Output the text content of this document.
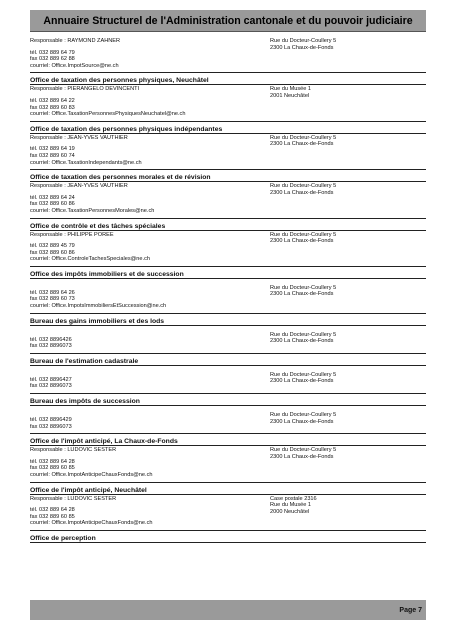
Annuaire Structurel de l'Administration cantonale et du pouvoir judiciaire
Responsable : RAYMOND ZAHNER
tél. 032 889 64 79
fax 032 889 62 88
courriel: Office.ImpotSource@ne.ch
Rue du Docteur-Coullery 5
2300 La Chaux-de-Fonds
Office de taxation des personnes physiques, Neuchâtel
Responsable : PIERANGELO DEVINCENTI
tél. 032 889 64 22
fax 032 889 60 83
courriel: Office.TaxationPersonnesPhysiquesNeuchatel@ne.ch
Rue du Musée 1
2001 Neuchâtel
Office de taxation des personnes physiques indépendantes
Responsable : JEAN-YVES VAUTHIER
tél. 032 889 64 19
fax 032 889 60 74
courriel: Office.TaxationIndependants@ne.ch
Rue du Docteur-Coullery 5
2300 La Chaux-de-Fonds
Office de taxation des personnes morales et de révision
Responsable : JEAN-YVES VAUTHIER
tél. 032 889 64 24
fax 032 889 60 86
courriel: Office.TaxationPersonnesMorales@ne.ch
Rue du Docteur-Coullery 5
2300 La Chaux-de-Fonds
Office de contrôle et des tâches spéciales
Responsable : PHILIPPE POREE
tél. 032 889 45 79
fax 032 889 60 86
courriel: Office.ControleTachesSpeciales@ne.ch
Rue du Docteur-Coullery 5
2300 La Chaux-de-Fonds
Office des impôts immobiliers et de succession
tél. 032 889 64 26
fax 032 889 60 73
courriel: Office.ImpotsImmobiliersEtSuccession@ne.ch
Rue du Docteur-Coullery 5
2300 La Chaux-de-Fonds
Bureau des gains immobiliers et des lods
tél. 032 8896426
fax 032 8896073
Rue du Docteur-Coullery 5
2300 La Chaux-de-Fonds
Bureau de l'estimation cadastrale
tél. 032 8896427
fax 032 8896073
Rue du Docteur-Coullery 5
2300 La Chaux-de-Fonds
Bureau des impôts de succession
tél. 032 8896429
fax 032 8896073
Rue du Docteur-Coullery 5
2300 La Chaux-de-Fonds
Office de l'impôt anticipé, La Chaux-de-Fonds
Responsable : LUDOVIC SESTER
tél. 032 889 64 28
fax 032 889 60 85
courriel: Office.ImpotAnticipeChauxFonds@ne.ch
Rue du Docteur-Coullery 5
2300 La Chaux-de-Fonds
Office de l'impôt anticipé, Neuchâtel
Responsable : LUDOVIC SESTER
tél. 032 889 64 28
fax 032 889 60 85
courriel: Office.ImpotAnticipeChauxFonds@ne.ch
Case postale 2316
Rue du Musée 1
2000 Neuchâtel
Office de perception
Page 7
